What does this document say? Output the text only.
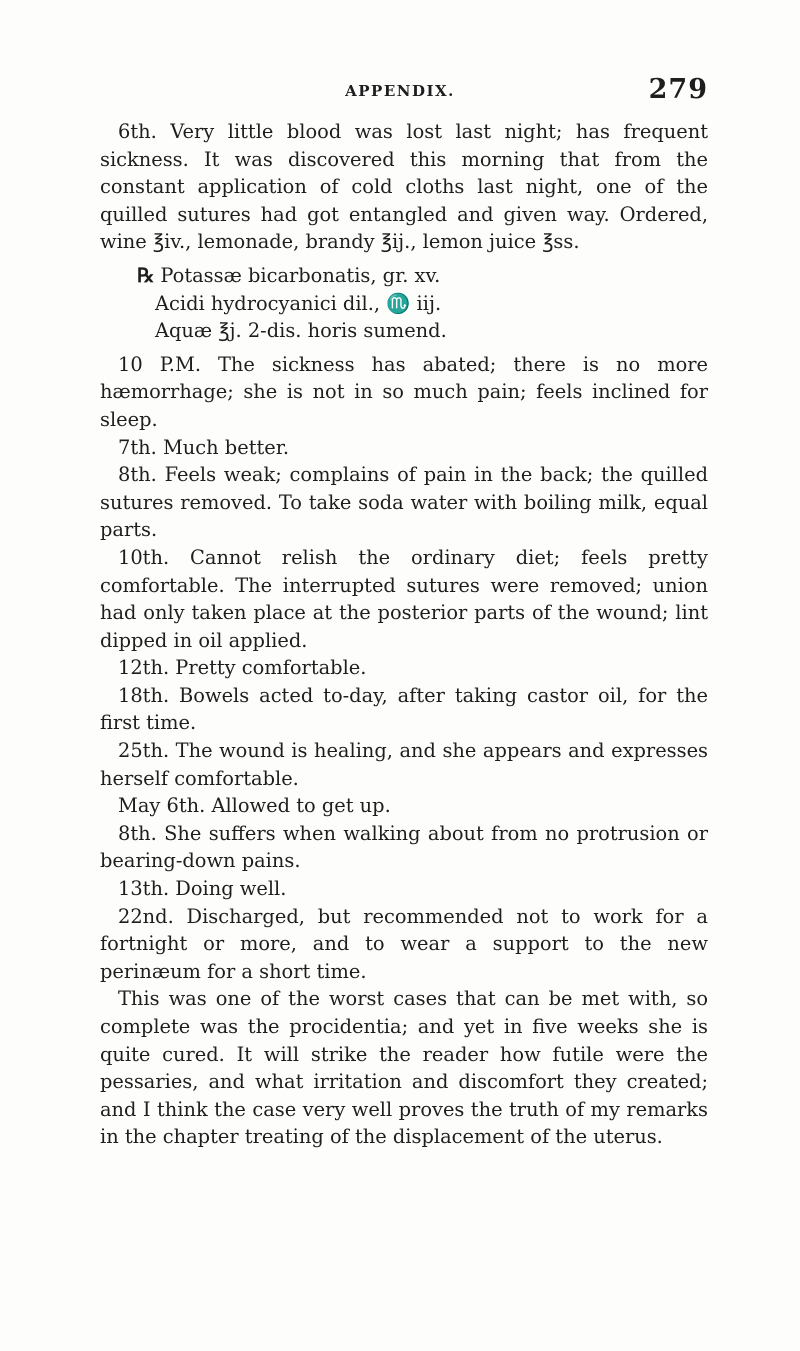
APPENDIX.	279

6th. Very little blood was lost last night; has frequent sickness. It was discovered this morning that from the constant application of cold cloths last night, one of the quilled sutures had got entangled and given way. Ordered, wine ℥iv., lemonade, brandy ℥ij., lemon juice ℥ss.

℞ Potassæ bicarbonatis, gr. xv.
Acidi hydrocyanici dil., ♏ iij.
Aquæ ℥j. 2-dis. horis sumend.

10 P.M. The sickness has abated; there is no more hæmorrhage; she is not in so much pain; feels inclined for sleep.

7th. Much better.

8th. Feels weak; complains of pain in the back; the quilled sutures removed. To take soda water with boiling milk, equal parts.

10th. Cannot relish the ordinary diet; feels pretty comfortable. The interrupted sutures were removed; union had only taken place at the posterior parts of the wound; lint dipped in oil applied.

12th. Pretty comfortable.

18th. Bowels acted to-day, after taking castor oil, for the first time.

25th. The wound is healing, and she appears and expresses herself comfortable.

May 6th. Allowed to get up.

8th. She suffers when walking about from no protrusion or bearing-down pains.

13th. Doing well.

22nd. Discharged, but recommended not to work for a fortnight or more, and to wear a support to the new perinæum for a short time.

This was one of the worst cases that can be met with, so complete was the procidentia; and yet in five weeks she is quite cured. It will strike the reader how futile were the pessaries, and what irritation and discomfort they created; and I think the case very well proves the truth of my remarks in the chapter treating of the displacement of the uterus.
